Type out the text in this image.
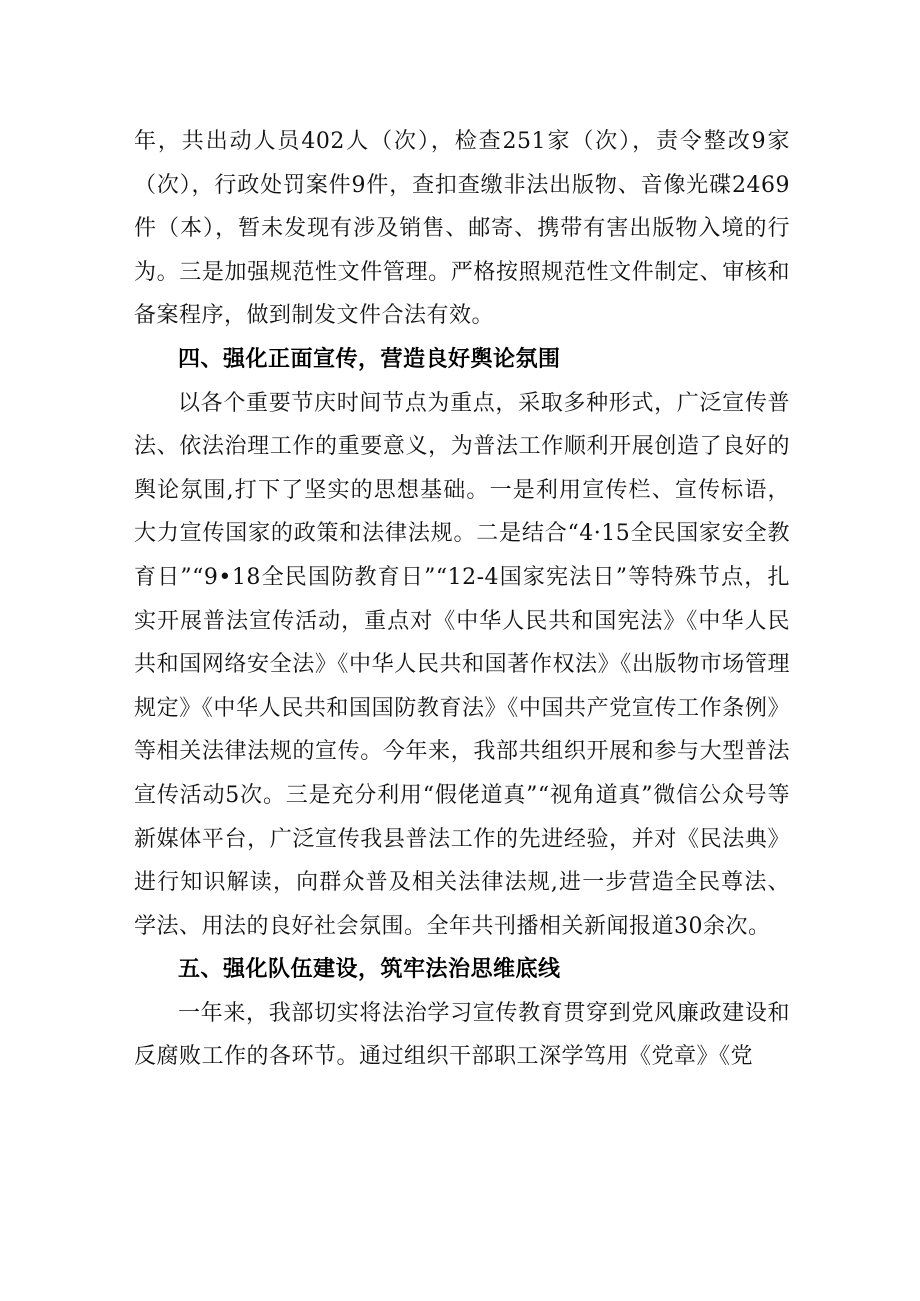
年，共出动人员402人（次），检查251家（次），责令整改9家（次），行政处罚案件9件，查扣查缴非法出版物、音像光碟2469件（本），暂未发现有涉及销售、邮寄、携带有害出版物入境的行为。三是加强规范性文件管理。严格按照规范性文件制定、审核和备案程序，做到制发文件合法有效。

四、强化正面宣传，营造良好舆论氛围

以各个重要节庆时间节点为重点，采取多种形式，广泛宣传普法、依法治理工作的重要意义，为普法工作顺利开展创造了良好的舆论氛围,打下了坚实的思想基础。一是利用宣传栏、宣传标语，大力宣传国家的政策和法律法规。二是结合“4·15全民国家安全教育日”“9•18全民国防教育日”“12-4国家宪法日”等特殊节点，扎实开展普法宣传活动，重点对《中华人民共和国宪法》《中华人民共和国网络安全法》《中华人民共和国著作权法》《出版物市场管理规定》《中华人民共和国国防教育法》《中国共产党宣传工作条例》等相关法律法规的宣传。今年来，我部共组织开展和参与大型普法宣传活动5次。三是充分利用“假佬道真”“视角道真”微信公众号等新媒体平台，广泛宣传我县普法工作的先进经验，并对《民法典》进行知识解读，向群众普及相关法律法规,进一步营造全民尊法、学法、用法的良好社会氛围。全年共刊播相关新闻报道30余次。

五、强化队伍建设，筑牢法治思维底线

一年来，我部切实将法治学习宣传教育贯穿到党风廉政建设和反腐败工作的各环节。通过组织干部职工深学笃用《党章》《党
